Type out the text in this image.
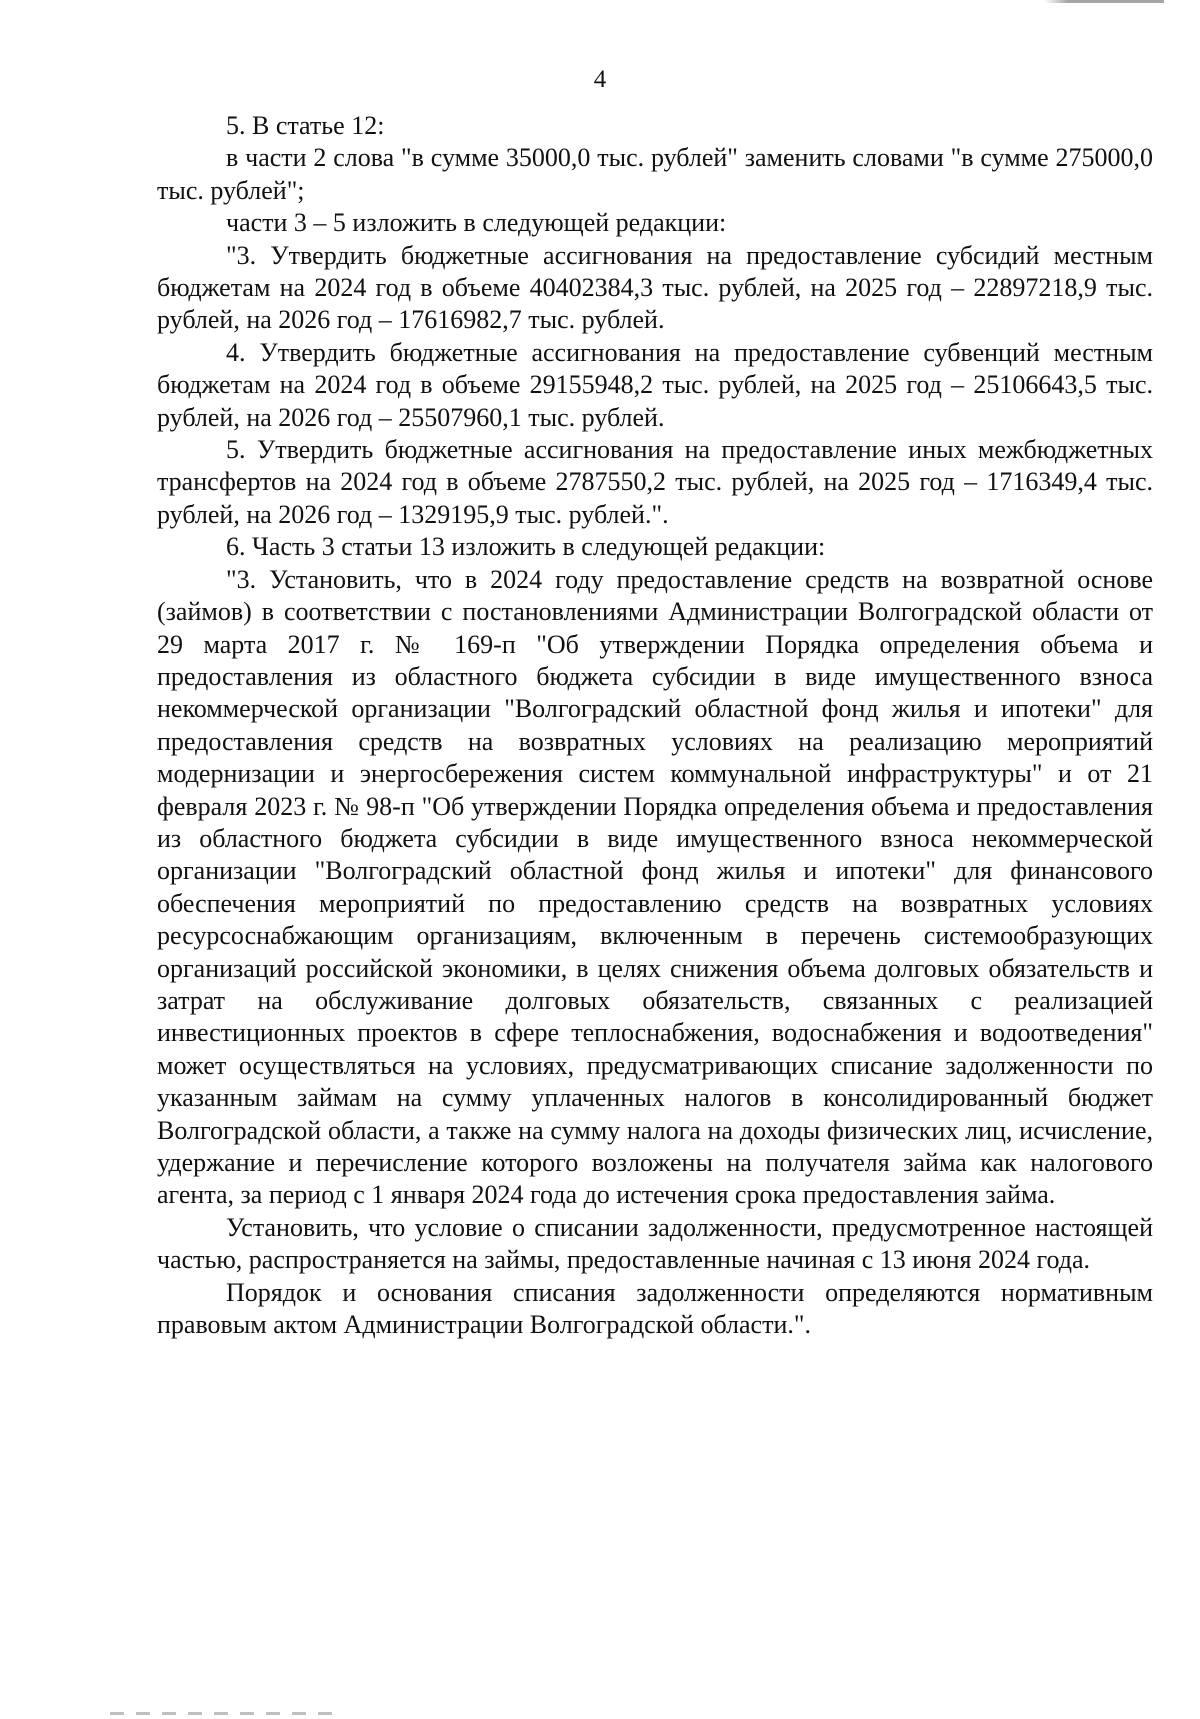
4

5. В статье 12:

в части 2 слова "в сумме 35000,0 тыс. рублей" заменить словами "в сумме 275000,0 тыс. рублей";

части 3 – 5 изложить в следующей редакции:

"3. Утвердить бюджетные ассигнования на предоставление субсидий местным бюджетам на 2024 год в объеме 40402384,3 тыс. рублей, на 2025 год – 22897218,9 тыс. рублей, на 2026 год – 17616982,7 тыс. рублей.

4. Утвердить бюджетные ассигнования на предоставление субвенций местным бюджетам на 2024 год в объеме 29155948,2 тыс. рублей, на 2025 год – 25106643,5 тыс. рублей, на 2026 год – 25507960,1 тыс. рублей.

5. Утвердить бюджетные ассигнования на предоставление иных межбюджетных трансфертов на 2024 год в объеме 2787550,2 тыс. рублей, на 2025 год – 1716349,4 тыс. рублей, на 2026 год – 1329195,9 тыс. рублей.".

6. Часть 3 статьи 13 изложить в следующей редакции:

"3. Установить, что в 2024 году предоставление средств на возвратной основе (займов) в соответствии с постановлениями Администрации Волгоградской области от 29 марта 2017 г. № 169-п "Об утверждении Порядка определения объема и предоставления из областного бюджета субсидии в виде имущественного взноса некоммерческой организации "Волгоградский областной фонд жилья и ипотеки" для предоставления средств на возвратных условиях на реализацию мероприятий модернизации и энергосбережения систем коммунальной инфраструктуры" и от 21 февраля 2023 г. № 98-п "Об утверждении Порядка определения объема и предоставления из областного бюджета субсидии в виде имущественного взноса некоммерческой организации "Волгоградский областной фонд жилья и ипотеки" для финансового обеспечения мероприятий по предоставлению средств на возвратных условиях ресурсоснабжающим организациям, включенным в перечень системообразующих организаций российской экономики, в целях снижения объема долговых обязательств и затрат на обслуживание долговых обязательств, связанных с реализацией инвестиционных проектов в сфере теплоснабжения, водоснабжения и водоотведения" может осуществляться на условиях, предусматривающих списание задолженности по указанным займам на сумму уплаченных налогов в консолидированный бюджет Волгоградской области, а также на сумму налога на доходы физических лиц, исчисление, удержание и перечисление которого возложены на получателя займа как налогового агента, за период с 1 января 2024 года до истечения срока предоставления займа.

Установить, что условие о списании задолженности, предусмотренное настоящей частью, распространяется на займы, предоставленные начиная с 13 июня 2024 года.

Порядок и основания списания задолженности определяются нормативным правовым актом Администрации Волгоградской области.".
